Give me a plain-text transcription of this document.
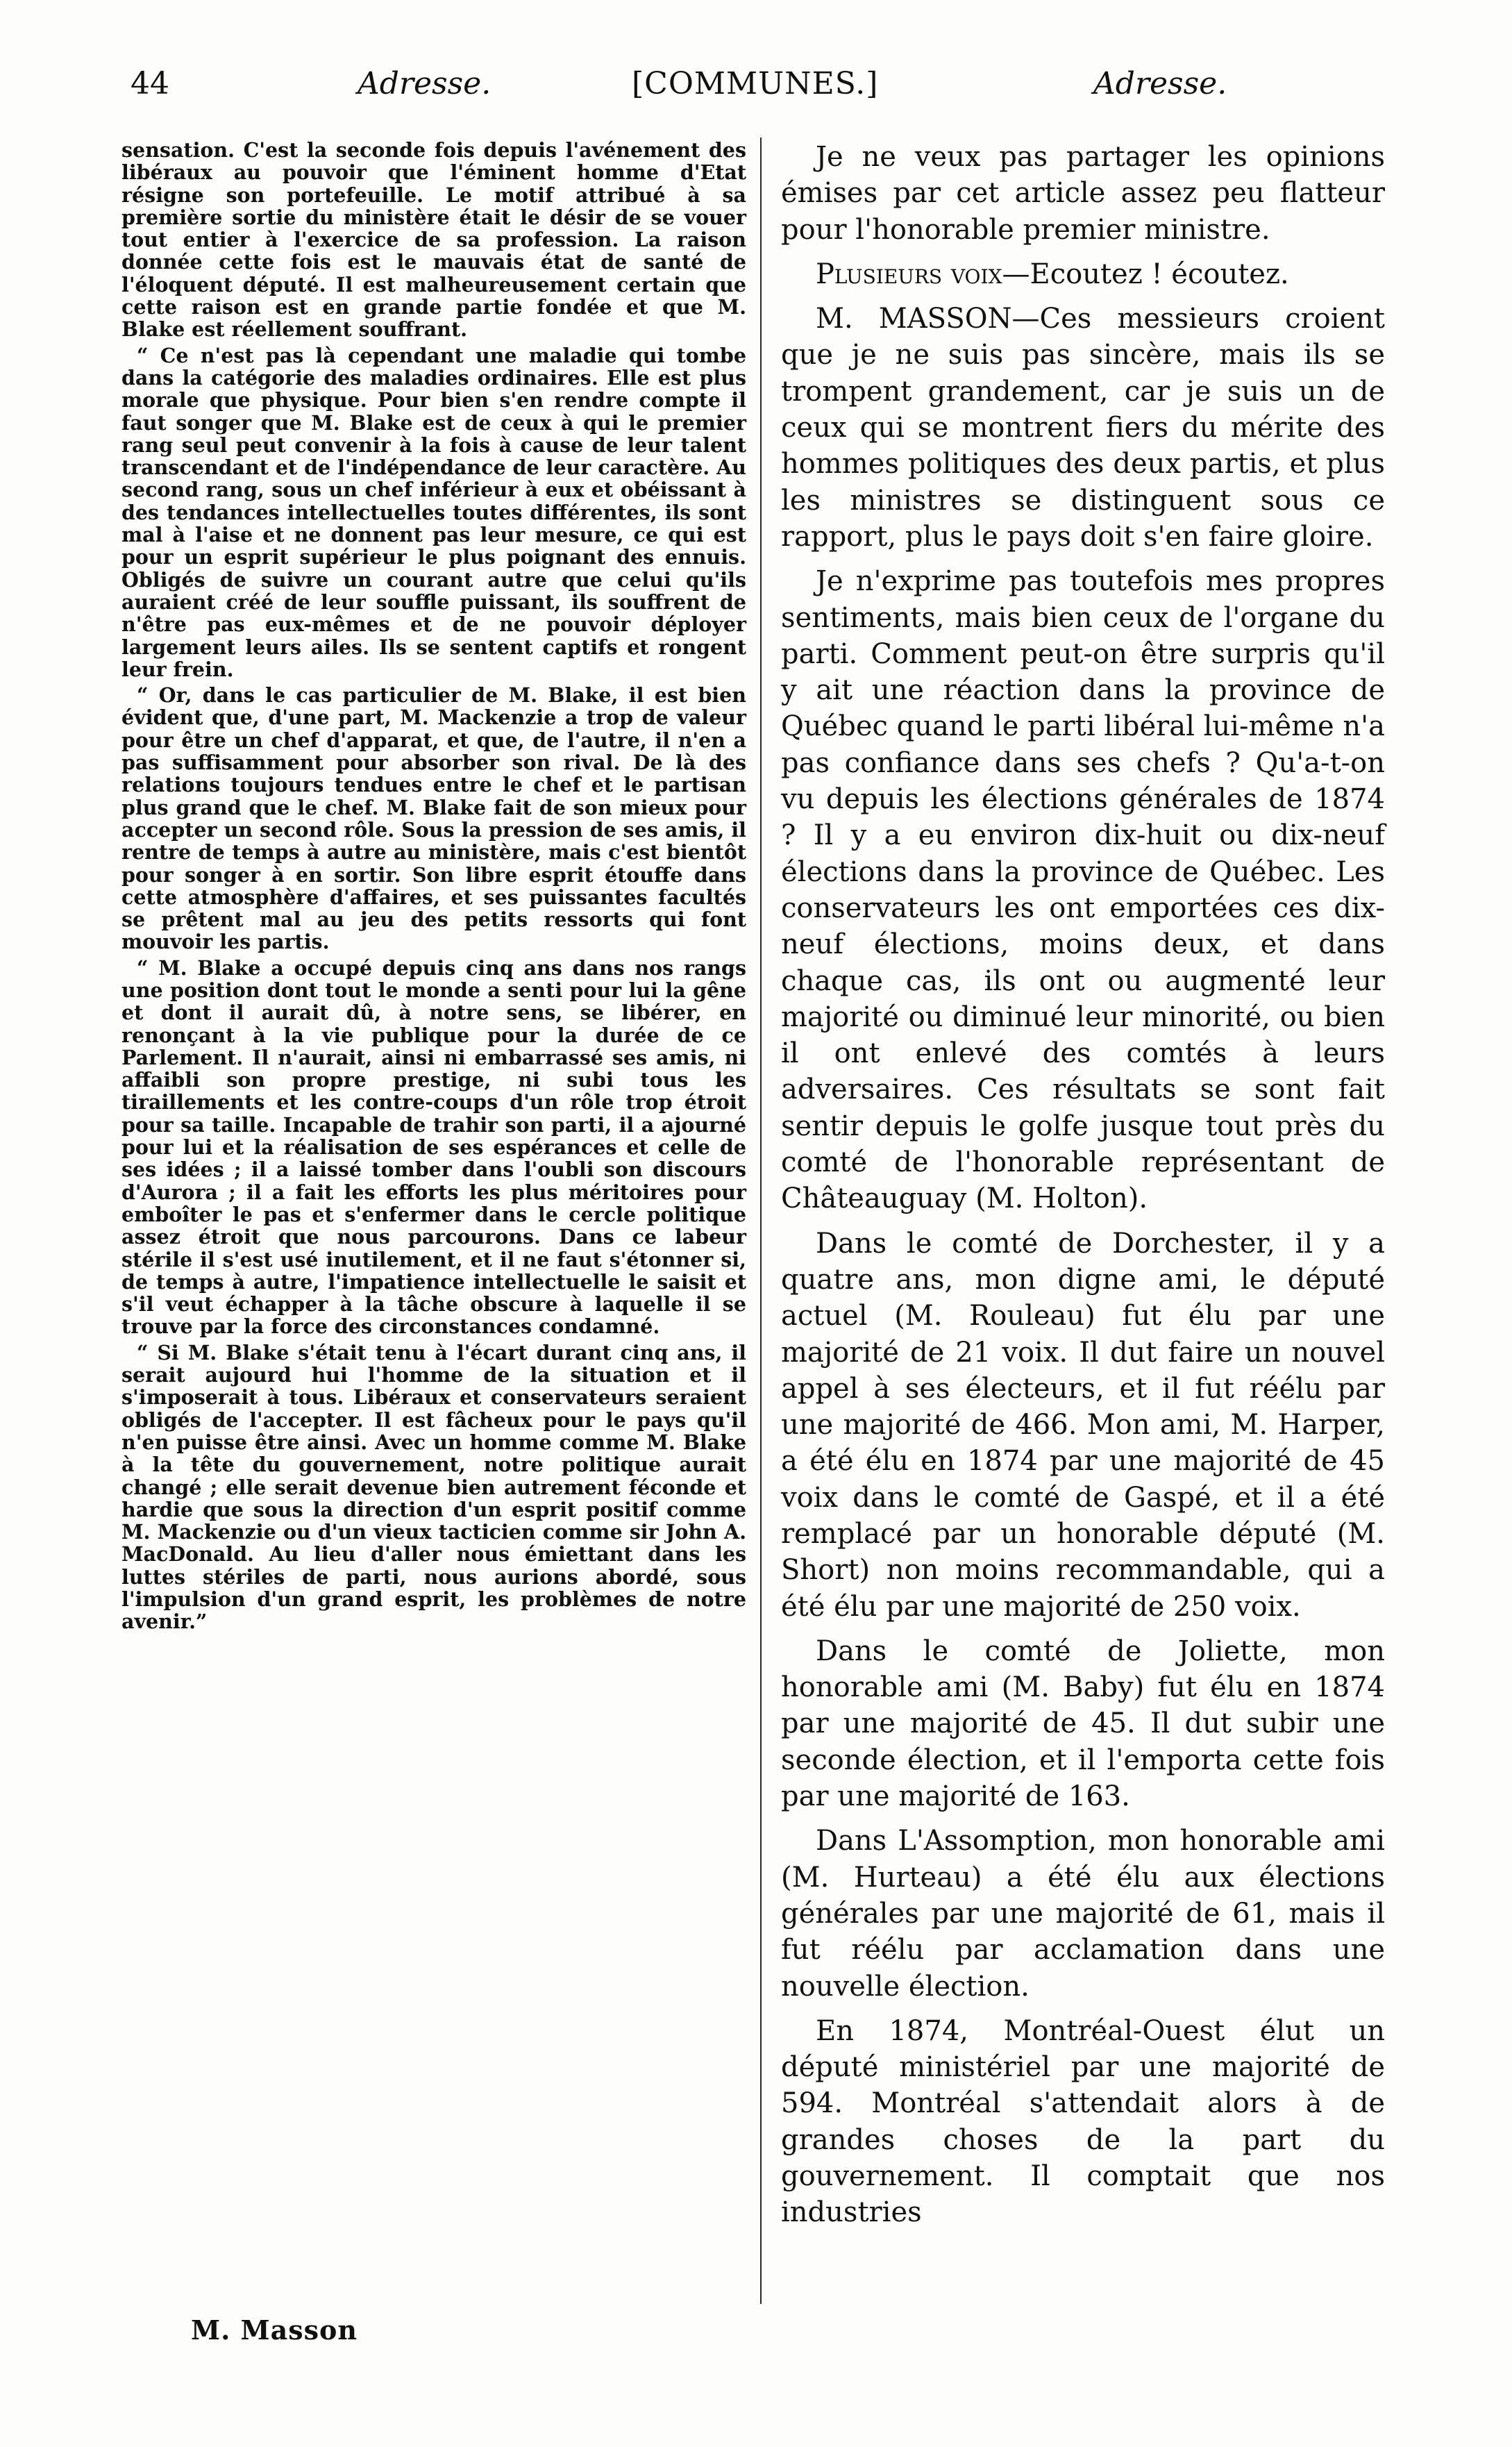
44	Adresse.	[COMMUNES.]	Adresse.

sensation. C'est la seconde fois depuis l'avénement des libéraux au pouvoir que l'éminent homme d'Etat résigne son portefeuille. Le motif attribué à sa première sortie du ministère était le désir de se vouer tout entier à l'exercice de sa profession. La raison donnée cette fois est le mauvais état de santé de l'éloquent député. Il est malheureusement certain que cette raison est en grande partie fondée et que M. Blake est réellement souffrant.

“ Ce n'est pas là cependant une maladie qui tombe dans la catégorie des maladies ordinaires. Elle est plus morale que physique. Pour bien s'en rendre compte il faut songer que M. Blake est de ceux à qui le premier rang seul peut convenir à la fois à cause de leur talent transcendant et de l'indépendance de leur caractère. Au second rang, sous un chef inférieur à eux et obéissant à des tendances intellectuelles toutes différentes, ils sont mal à l'aise et ne donnent pas leur mesure, ce qui est pour un esprit supérieur le plus poignant des ennuis. Obligés de suivre un courant autre que celui qu'ils auraient créé de leur souffle puissant, ils souffrent de n'être pas eux-mêmes et de ne pouvoir déployer largement leurs ailes. Ils se sentent captifs et rongent leur frein.

“ Or, dans le cas particulier de M. Blake, il est bien évident que, d'une part, M. Mackenzie a trop de valeur pour être un chef d'apparat, et que, de l'autre, il n'en a pas suffisamment pour absorber son rival. De là des relations toujours tendues entre le chef et le partisan plus grand que le chef. M. Blake fait de son mieux pour accepter un second rôle. Sous la pression de ses amis, il rentre de temps à autre au ministère, mais c'est bientôt pour songer à en sortir. Son libre esprit étouffe dans cette atmosphère d'affaires, et ses puissantes facultés se prêtent mal au jeu des petits ressorts qui font mouvoir les partis.

“ M. Blake a occupé depuis cinq ans dans nos rangs une position dont tout le monde a senti pour lui la gêne et dont il aurait dû, à notre sens, se libérer, en renonçant à la vie publique pour la durée de ce Parlement. Il n'aurait, ainsi ni embarrassé ses amis, ni affaibli son propre prestige, ni subi tous les tiraillements et les contre-coups d'un rôle trop étroit pour sa taille. Incapable de trahir son parti, il a ajourné pour lui et la réalisation de ses espérances et celle de ses idées ; il a laissé tomber dans l'oubli son discours d'Aurora ; il a fait les efforts les plus méritoires pour emboîter le pas et s'enfermer dans le cercle politique assez étroit que nous parcourons. Dans ce labeur stérile il s'est usé inutilement, et il ne faut s'étonner si, de temps à autre, l'impatience intellectuelle le saisit et s'il veut échapper à la tâche obscure à laquelle il se trouve par la force des circonstances condamné.

“ Si M. Blake s'était tenu à l'écart durant cinq ans, il serait aujourd hui l'homme de la situation et il s'imposerait à tous. Libéraux et conservateurs seraient obligés de l'accepter. Il est fâcheux pour le pays qu'il n'en puisse être ainsi. Avec un homme comme M. Blake à la tête du gouvernement, notre politique aurait changé ; elle serait devenue bien autrement féconde et hardie que sous la direction d'un esprit positif comme M. Mackenzie ou d'un vieux tacticien comme sir John A. MacDonald. Au lieu d'aller nous émiettant dans les luttes stériles de parti, nous aurions abordé, sous l'impulsion d'un grand esprit, les problèmes de notre avenir.”

M. Masson

Je ne veux pas partager les opinions émises par cet article assez peu flatteur pour l'honorable premier ministre.

Plusieurs voix—Ecoutez ! écoutez.

M. MASSON—Ces messieurs croient que je ne suis pas sincère, mais ils se trompent grandement, car je suis un de ceux qui se montrent fiers du mérite des hommes politiques des deux partis, et plus les ministres se distinguent sous ce rapport, plus le pays doit s'en faire gloire.

Je n'exprime pas toutefois mes propres sentiments, mais bien ceux de l'organe du parti. Comment peut-on être surpris qu'il y ait une réaction dans la province de Québec quand le parti libéral lui-même n'a pas confiance dans ses chefs ? Qu'a-t-on vu depuis les élections générales de 1874 ? Il y a eu environ dix-huit ou dix-neuf élections dans la province de Québec. Les conservateurs les ont emportées ces dix-neuf élections, moins deux, et dans chaque cas, ils ont ou augmenté leur majorité ou diminué leur minorité, ou bien il ont enlevé des comtés à leurs adversaires. Ces résultats se sont fait sentir depuis le golfe jusque tout près du comté de l'honorable représentant de Châteauguay (M. Holton).

Dans le comté de Dorchester, il y a quatre ans, mon digne ami, le député actuel (M. Rouleau) fut élu par une majorité de 21 voix. Il dut faire un nouvel appel à ses électeurs, et il fut réélu par une majorité de 466. Mon ami, M. Harper, a été élu en 1874 par une majorité de 45 voix dans le comté de Gaspé, et il a été remplacé par un honorable député (M. Short) non moins recommandable, qui a été élu par une majorité de 250 voix.

Dans le comté de Joliette, mon honorable ami (M. Baby) fut élu en 1874 par une majorité de 45. Il dut subir une seconde élection, et il l'emporta cette fois par une majorité de 163.

Dans L'Assomption, mon honorable ami (M. Hurteau) a été élu aux élections générales par une majorité de 61, mais il fut réélu par acclamation dans une nouvelle élection.

En 1874, Montréal-Ouest élut un député ministériel par une majorité de 594. Montréal s'attendait alors à de grandes choses de la part du gouvernement. Il comptait que nos industries
